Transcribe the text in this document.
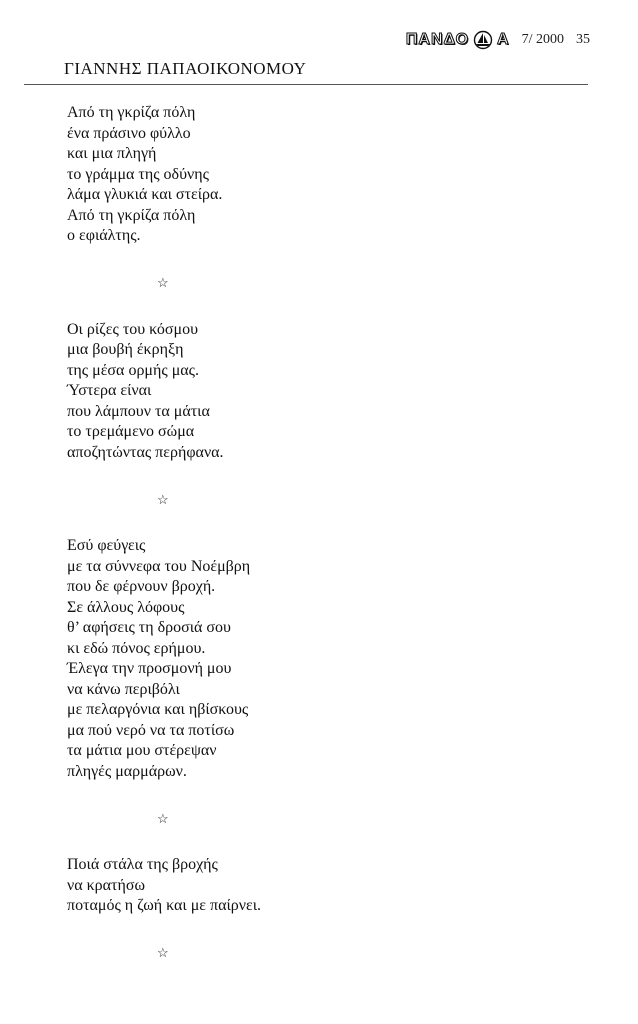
ΠΑΝΔΟ Α 7/ 2000 35
ΓΙΑΝΝΗΣ ΠΑΠΑΟΙΚΟΝΟΜΟΥ
Από τη γκρίζα πόλη
ένα πράσινο φύλλο
και μια πληγή
το γράμμα της οδύνης
λάμα γλυκιά και στείρα.
Από τη γκρίζα πόλη
ο εφιάλτης.
☆
Οι ρίζες του κόσμου
μια βουβή έκρηξη
της μέσα ορμής μας.
Ύστερα είναι
που λάμπουν τα μάτια
το τρεμάμενο σώμα
αποζητώντας περήφανα.
☆
Εσύ φεύγεις
με τα σύννεφα του Νοέμβρη
που δε φέρνουν βροχή.
Σε άλλους λόφους
θ’ αφήσεις τη δροσιά σου
κι εδώ πόνος ερήμου.
Έλεγα την προσμονή μου
να κάνω περιβόλι
με πελαργόνια και ηβίσκους
μα πού νερό να τα ποτίσω
τα μάτια μου στέρεψαν
πληγές μαρμάρων.
☆
Ποιά στάλα της βροχής
να κρατήσω
ποταμός η ζωή και με παίρνει.
☆
